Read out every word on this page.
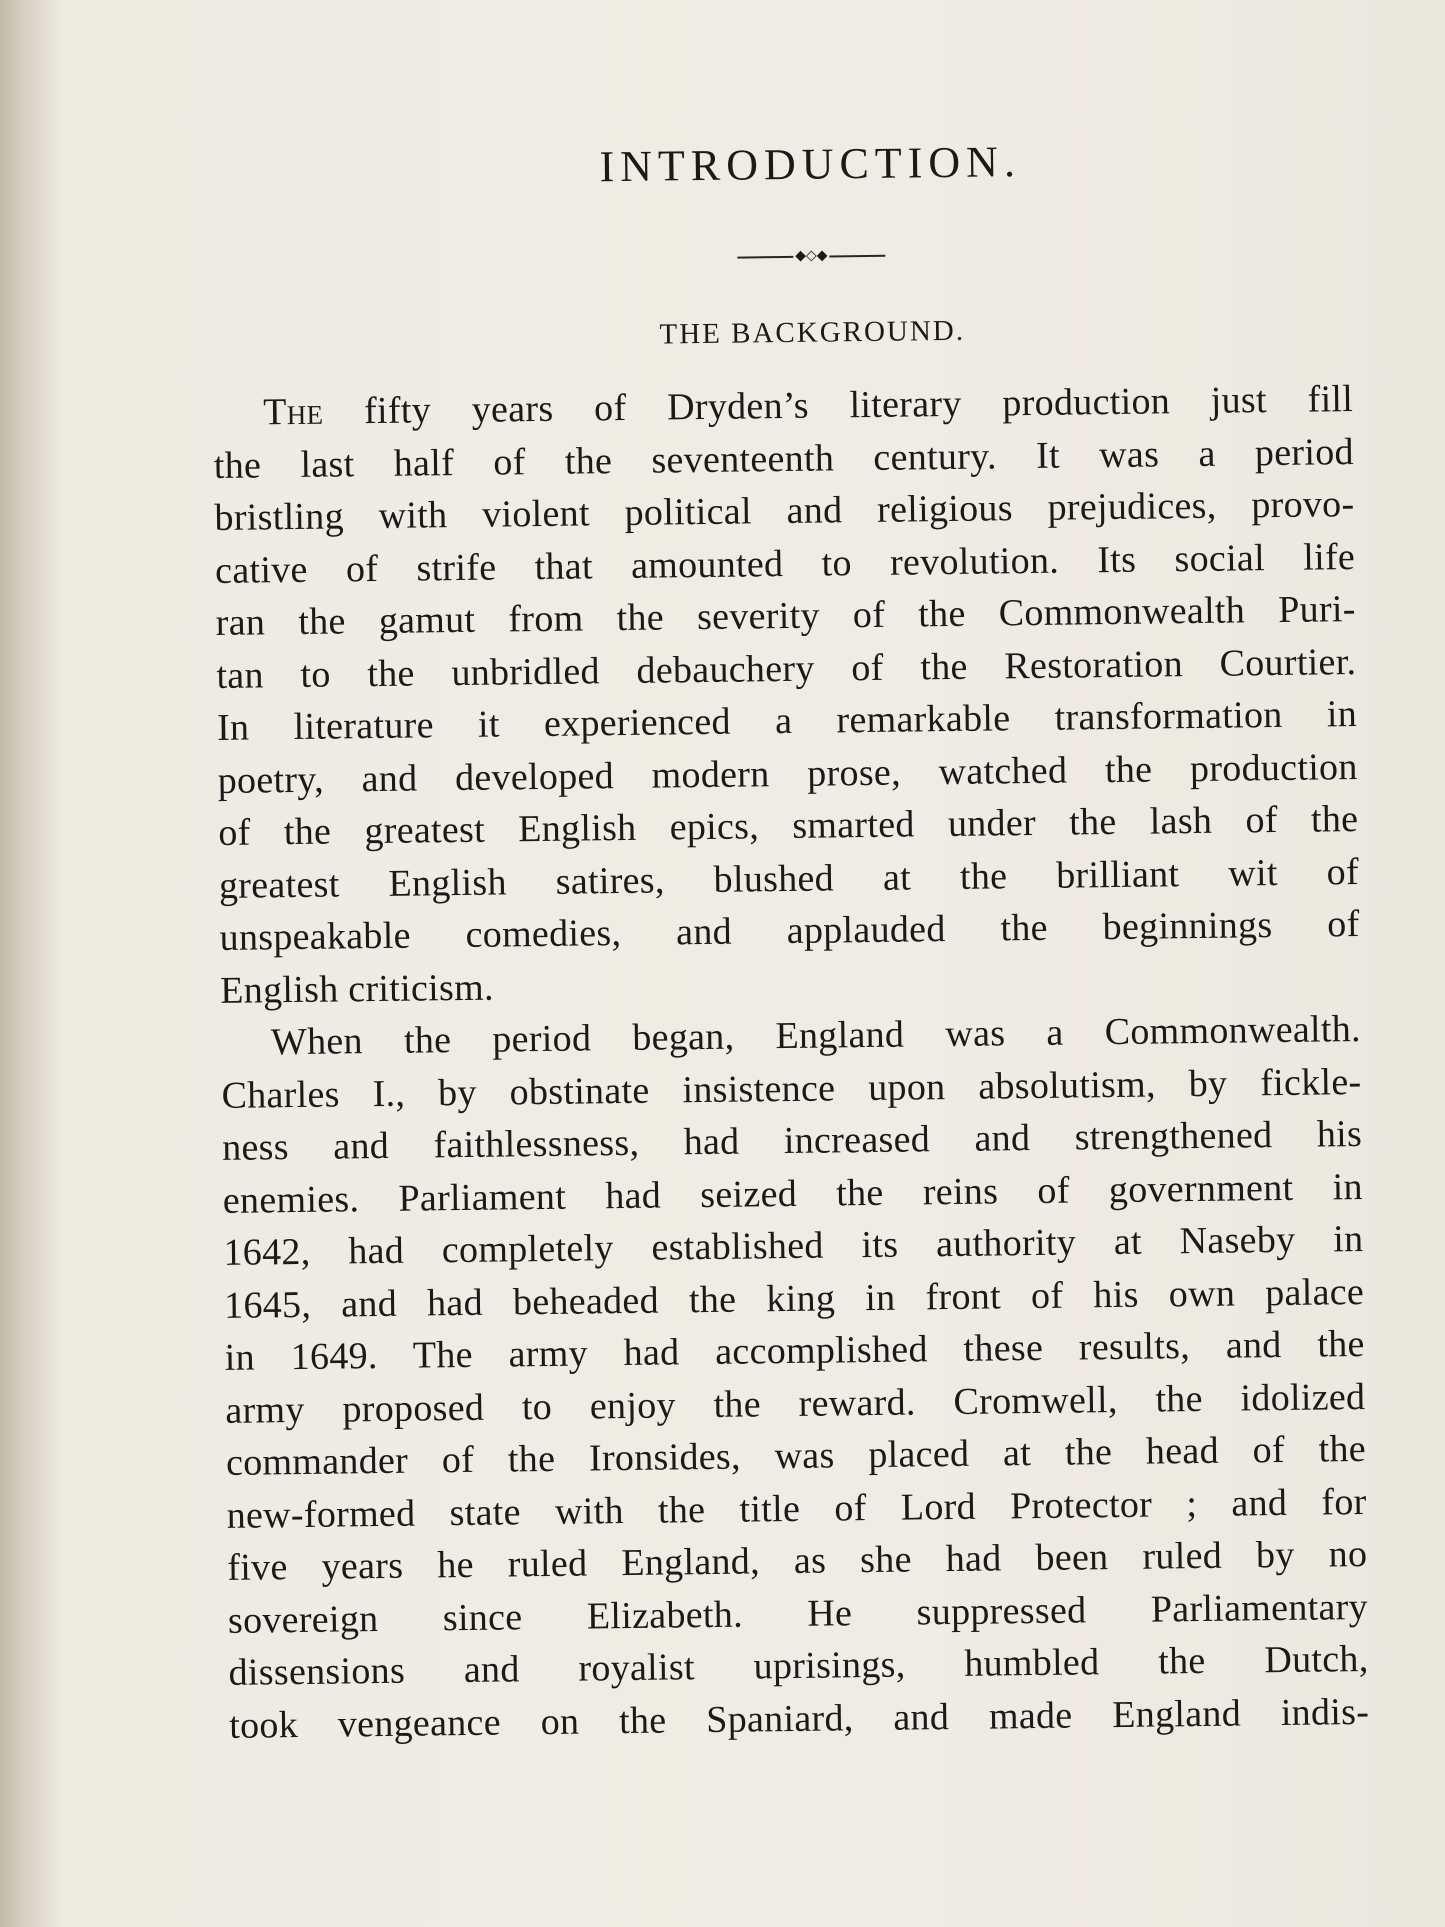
INTRODUCTION.
◆◇◆
THE BACKGROUND.
The fifty years of Dryden’s literary production just fill
the last half of the seventeenth century. It was a period
bristling with violent political and religious prejudices, provo-
cative of strife that amounted to revolution. Its social life
ran the gamut from the severity of the Commonwealth Puri-
tan to the unbridled debauchery of the Restoration Courtier.
In literature it experienced a remarkable transformation in
poetry, and developed modern prose, watched the production
of the greatest English epics, smarted under the lash of the
greatest English satires, blushed at the brilliant wit of
unspeakable comedies, and applauded the beginnings of
English criticism.
When the period began, England was a Commonwealth.
Charles I., by obstinate insistence upon absolutism, by fickle-
ness and faithlessness, had increased and strengthened his
enemies. Parliament had seized the reins of government in
1642, had completely established its authority at Naseby in
1645, and had beheaded the king in front of his own palace
in 1649. The army had accomplished these results, and the
army proposed to enjoy the reward. Cromwell, the idolized
commander of the Ironsides, was placed at the head of the
new-formed state with the title of Lord Protector ; and for
five years he ruled England, as she had been ruled by no
sovereign since Elizabeth. He suppressed Parliamentary
dissensions and royalist uprisings, humbled the Dutch,
took vengeance on the Spaniard, and made England indis-
